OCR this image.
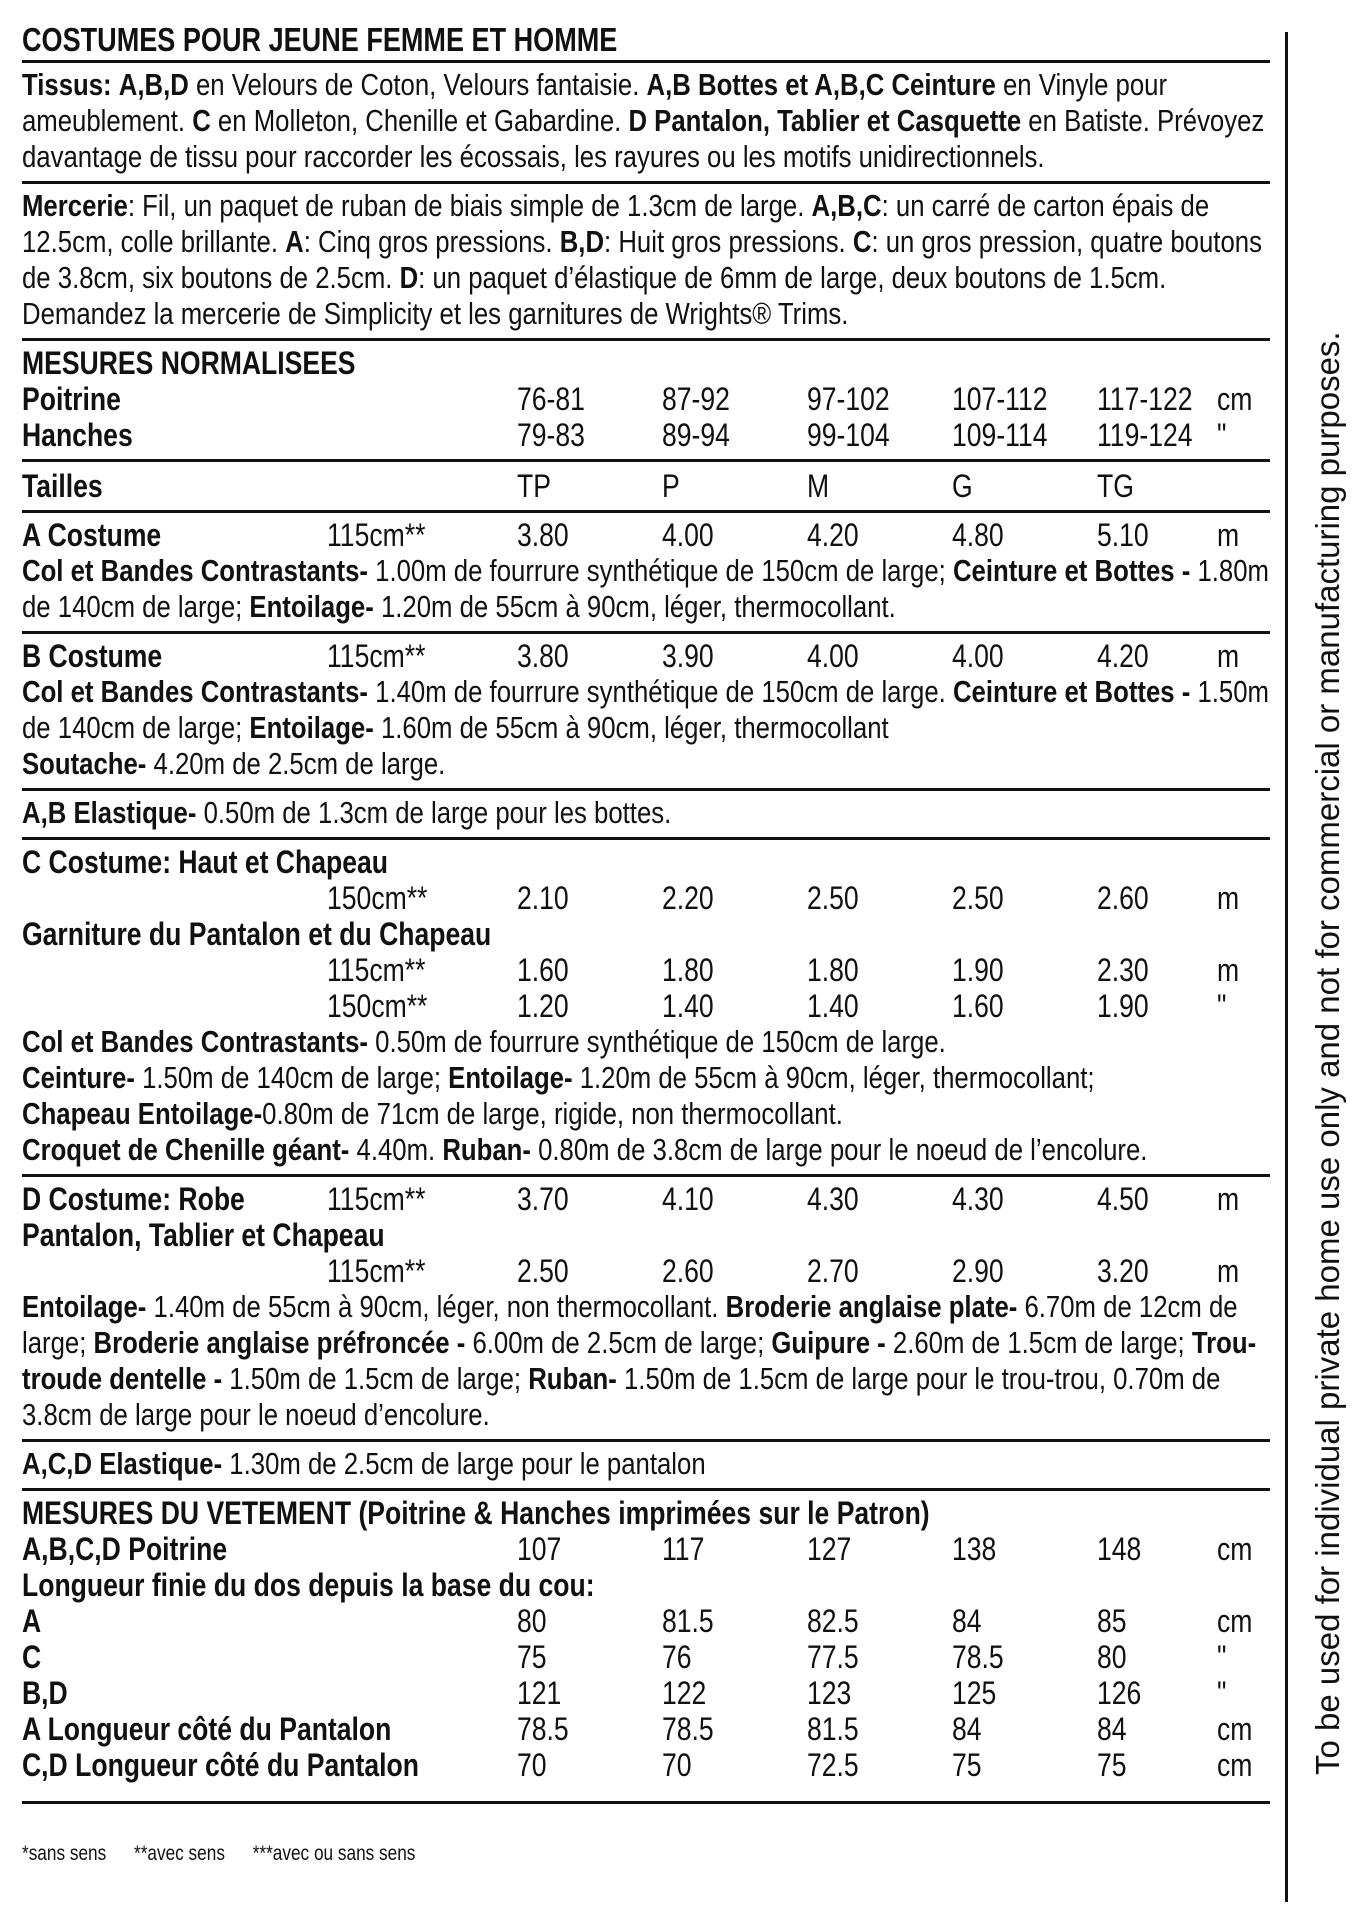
To be used for individual private home use only and not for commercial or manufacturing purposes.
COSTUMES POUR JEUNE FEMME ET HOMME
Tissus: A,B,D en Velours de Coton, Velours fantaisie. A,B Bottes et A,B,C Ceinture en Vinyle pour ameublement. C en Molleton, Chenille et Gabardine. D Pantalon, Tablier et Casquette en Batiste. Prévoyez davantage de tissu pour raccorder les écossais, les rayures ou les motifs unidirectionnels.
Mercerie: Fil, un paquet de ruban de biais simple de 1.3cm de large. A,B,C: un carré de carton épais de 12.5cm, colle brillante. A: Cinq gros pressions. B,D: Huit gros pressions. C: un gros pression, quatre boutons de 3.8cm, six boutons de 2.5cm. D: un paquet d’élastique de 6mm de large, deux boutons de 1.5cm. Demandez la mercerie de Simplicity et les garnitures de Wrights® Trims.
MESURES NORMALISEES
Poitrine	76-81 87-92 97-102 107-112 117-122 cm
Hanches	79-83 89-94 99-104 109-114 119-124 "
Tailles	TP	P	M	G	TG
A Costume	115cm**	3.80	4.00	4.20	4.80	5.10 m
Col et Bandes Contrastants- 1.00m de fourrure synthétique de 150cm de large; Ceinture et Bottes - 1.80m de 140cm de large; Entoilage- 1.20m de 55cm à 90cm, léger, thermocollant.
B Costume	115cm**	3.80	3.90	4.00	4.00	4.20 m
Col et Bandes Contrastants- 1.40m de fourrure synthétique de 150cm de large. Ceinture et Bottes - 1.50m de 140cm de large; Entoilage- 1.60m de 55cm à 90cm, léger, thermocollant
Soutache- 4.20m de 2.5cm de large.
A,B Elastique- 0.50m de 1.3cm de large pour les bottes.
C Costume: Haut et Chapeau
150cm**	2.10	2.20	2.50	2.50	2.60 m
Garniture du Pantalon et du Chapeau
115cm**	1.60	1.80	1.80	1.90	2.30 m
150cm**	1.20	1.40	1.40	1.60	1.90 "
Col et Bandes Contrastants- 0.50m de fourrure synthétique de 150cm de large.
Ceinture- 1.50m de 140cm de large; Entoilage- 1.20m de 55cm à 90cm, léger, thermocollant;
Chapeau Entoilage-0.80m de 71cm de large, rigide, non thermocollant.
Croquet de Chenille géant- 4.40m. Ruban- 0.80m de 3.8cm de large pour le noeud de l’encolure.
D Costume: Robe	115cm**	3.70	4.10	4.30	4.30	4.50 m
Pantalon, Tablier et Chapeau
115cm**	2.50	2.60	2.70	2.90	3.20 m
Entoilage- 1.40m de 55cm à 90cm, léger, non thermocollant. Broderie anglaise plate- 6.70m de 12cm de large; Broderie anglaise préfroncée - 6.00m de 2.5cm de large; Guipure - 2.60m de 1.5cm de large; Trou-troude dentelle - 1.50m de 1.5cm de large; Ruban- 1.50m de 1.5cm de large pour le trou-trou, 0.70m de 3.8cm de large pour le noeud d’encolure.
A,C,D Elastique- 1.30m de 2.5cm de large pour le pantalon
MESURES DU VETEMENT (Poitrine & Hanches imprimées sur le Patron)
A,B,C,D Poitrine	107	117	127	138	148 cm
Longueur finie du dos depuis la base du cou:
A	80	81.5	82.5	84	85	cm
C	75	76	77.5	78.5	80	"
B,D	121	122	123	125	126 "
A Longueur côté du Pantalon	78.5	78.5	81.5	84	84	cm
C,D Longueur côté du Pantalon	70	70	72.5	75	75	cm
*sans sens **avec sens ***avec ou sans sens
